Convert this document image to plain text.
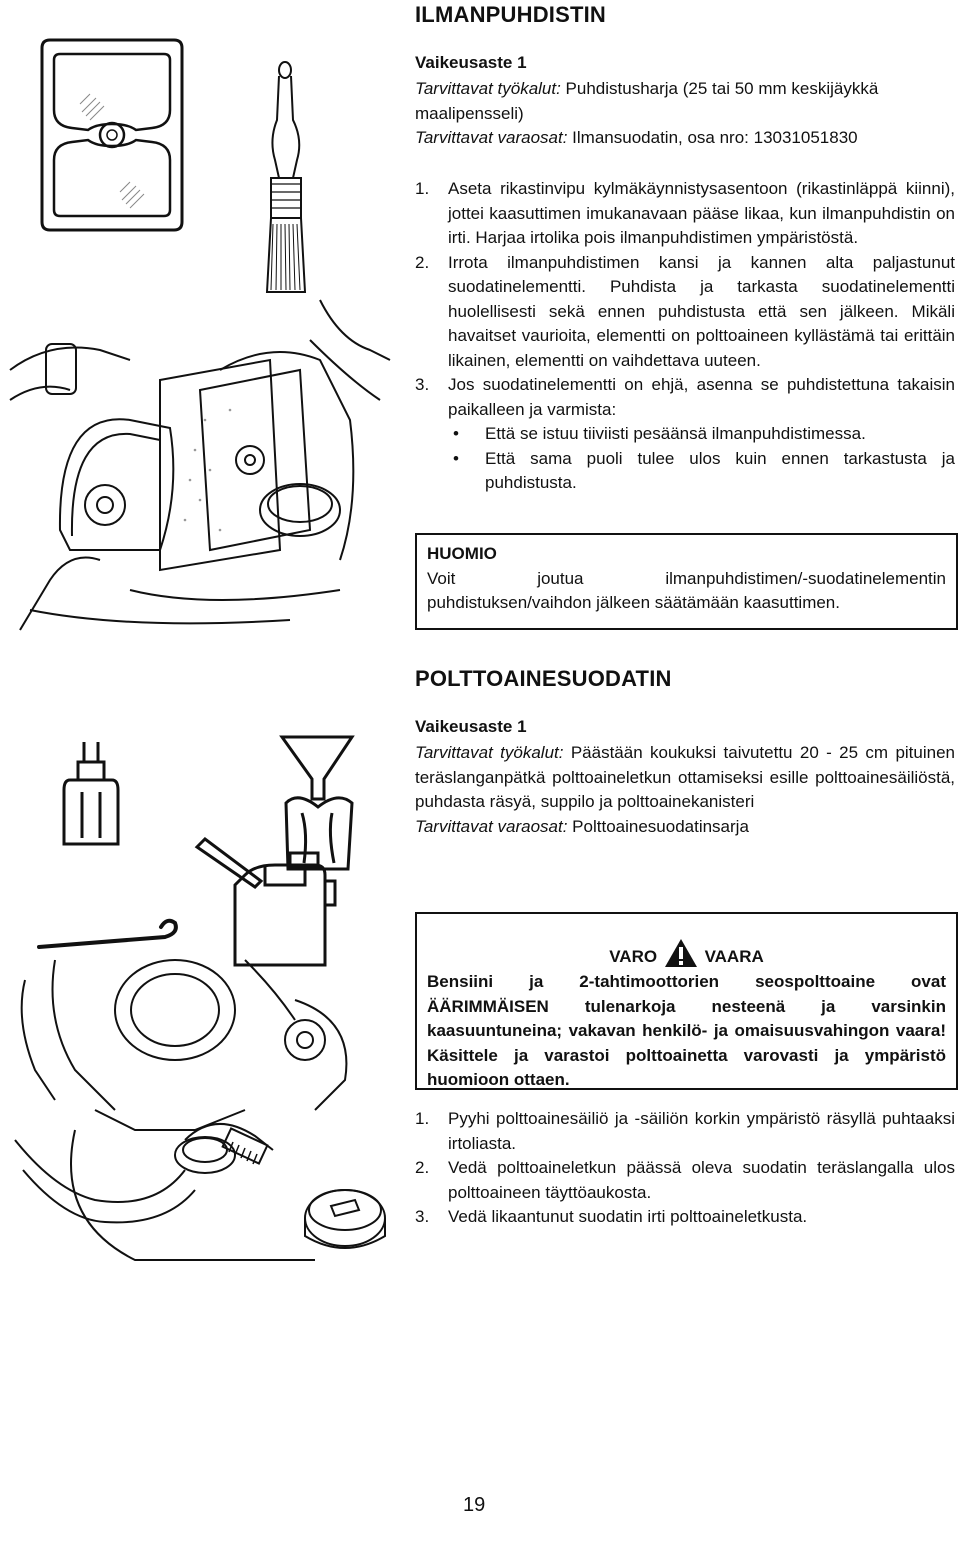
ILMANPUHDISTIN
Vaikeusaste 1
Tarvittavat työkalut: Puhdistusharja (25 tai 50 mm keskijäykkä maalipensseli)
Tarvittavat varaosat: Ilmansuodatin, osa nro: 13031051830
1. Aseta rikastinvipu kylmäkäynnistysasentoon (rikastinläppä kiinni), jottei kaasuttimen imukanavaan pääse likaa, kun ilmanpuhdistin on irti. Harjaa irtolika pois ilmanpuhdistimen ympäristöstä.
2. Irrota ilmanpuhdistimen kansi ja kannen alta paljastunut suodatinelementti. Puhdista ja tarkasta suodatinelementti huolellisesti sekä ennen puhdistusta että sen jälkeen. Mikäli havaitset vaurioita, elementti on polttoaineen kyllästämä tai erittäin likainen, elementti on vaihdettava uuteen.
3. Jos suodatinelementti on ehjä, asenna se puhdistettuna takaisin paikalleen ja varmista:
• Että se istuu tiiviisti pesäänsä ilmanpuhdistimessa.
• Että sama puoli tulee ulos kuin ennen tarkastusta ja puhdistusta.
HUOMIO
Voit joutua ilmanpuhdistimen/-suodatinelementin puhdistuksen/vaihdon jälkeen säätämään kaasuttimen.
POLTTOAINESUODATIN
Vaikeusaste 1
Tarvittavat työkalut: Päästään koukuksi taivutettu 20 - 25 cm pituinen teräslanganpätkä polttoaineletkun ottamiseksi esille polttoainesäiliöstä, puhdasta räsyä, suppilo ja polttoainekanisteri
Tarvittavat varaosat: Polttoainesuodatinsarja
VARO	VAARA
Bensiini ja 2-tahtimoottorien seospolttoaine ovat ÄÄRIMMÄISEN tulenarkoja nesteenä ja varsinkin kaasuuntuneina; vakavan henkilö- ja omaisuusvahingon vaara! Käsittele ja varastoi polttoainetta varovasti ja ympäristö huomioon ottaen.
1. Pyyhi polttoainesäiliö ja -säiliön korkin ympäristö räsyllä puhtaaksi irtoliasta.
2. Vedä polttoaineletkun päässä oleva suodatin teräslangalla ulos polttoaineen täyttöaukosta.
3. Vedä likaantunut suodatin irti polttoaineletkusta.
19
